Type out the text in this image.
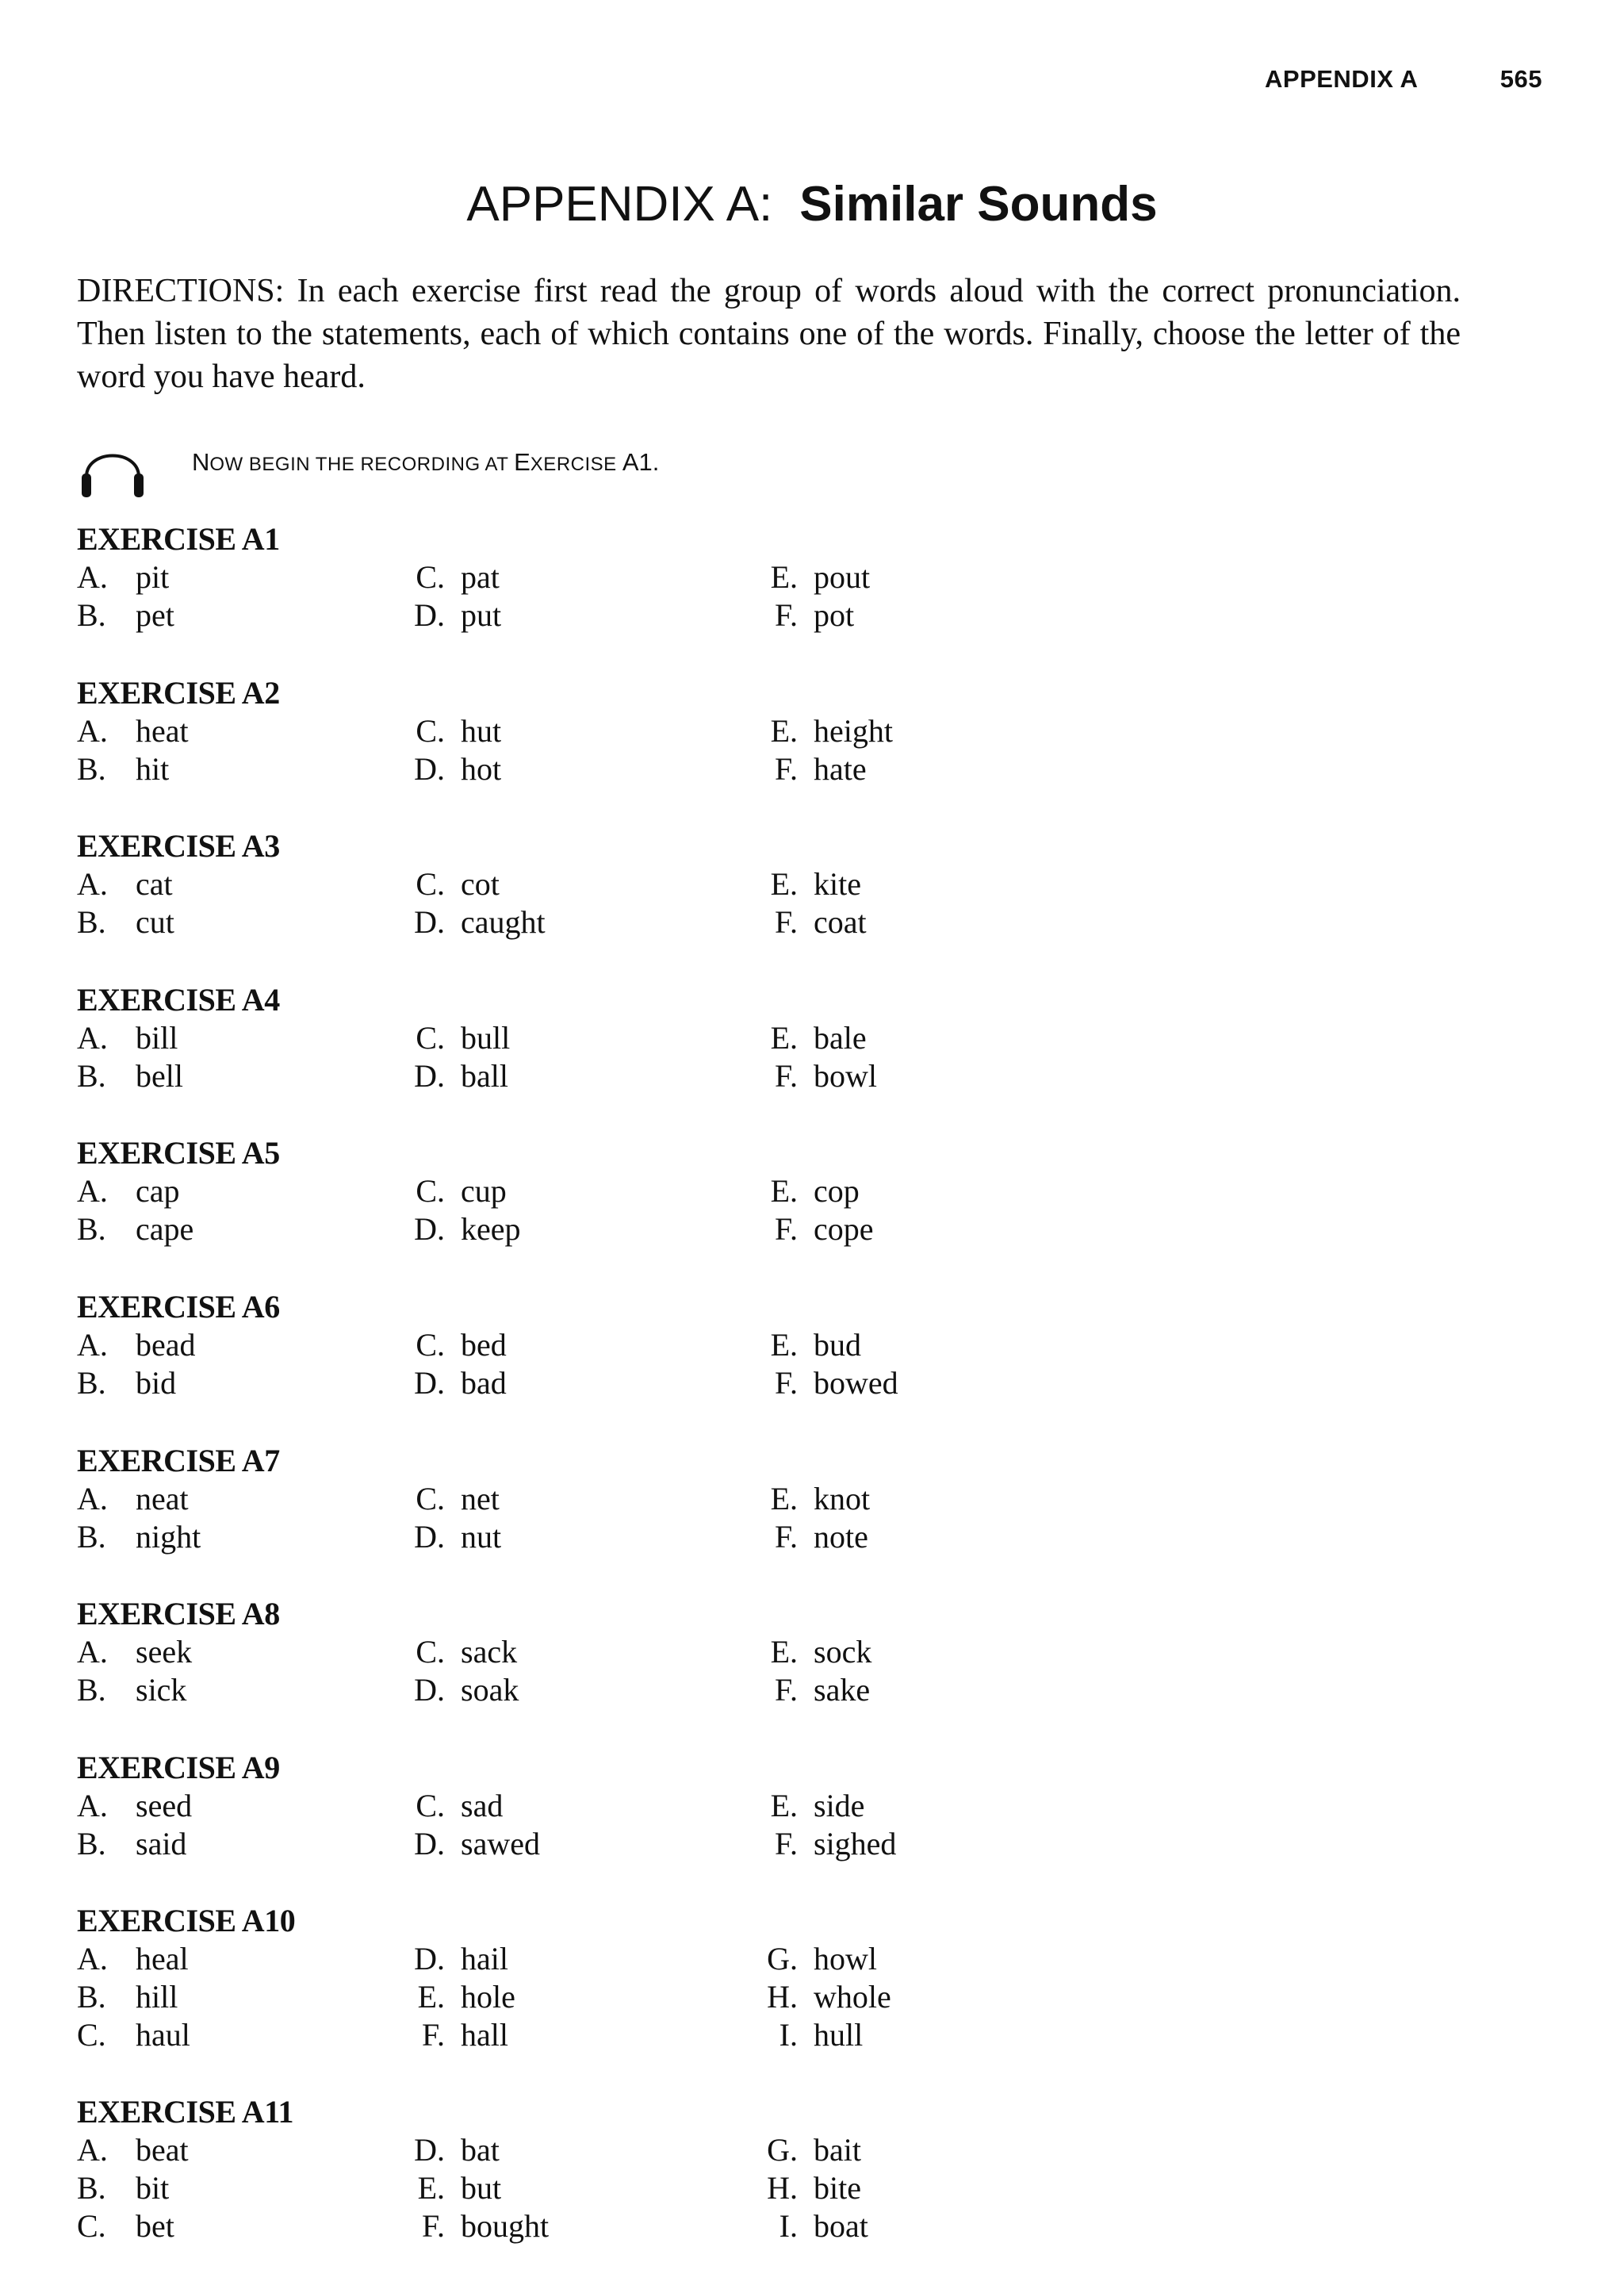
APPENDIX A	565
APPENDIX A: Similar Sounds

DIRECTIONS: In each exercise first read the group of words aloud with the correct pronunciation. Then listen to the statements, each of which contains one of the words. Finally, choose the letter of the word you have heard.

NOW BEGIN THE RECORDING AT EXERCISE A1.
EXERCISE A1
A. pit
B. pet
C. pat
D. put
E. pout
F. pot
EXERCISE A2
A. heat
B. hit
C. hut
D. hot
E. height
F. hate
EXERCISE A3
A. cat
B. cut
C. cot
D. caught
E. kite
F. coat
EXERCISE A4
A. bill
B. bell
C. bull
D. ball
E. bale
F. bowl
EXERCISE A5
A. cap
B. cape
C. cup
D. keep
E. cop
F. cope
EXERCISE A6
A. bead
B. bid
C. bed
D. bad
E. bud
F. bowed
EXERCISE A7
A. neat
B. night
C. net
D. nut
E. knot
F. note
EXERCISE A8
A. seek
B. sick
C. sack
D. soak
E. sock
F. sake
EXERCISE A9
A. seed
B. said
C. sad
D. sawed
E. side
F. sighed
EXERCISE A10
A. heal
B. hill
C. haul
D. hail
E. hole
F. hall
G. howl
H. whole
I. hull
EXERCISE A11
A. beat
B. bit
C. bet
D. bat
E. but
F. bought
G. bait
H. bite
I. boat
